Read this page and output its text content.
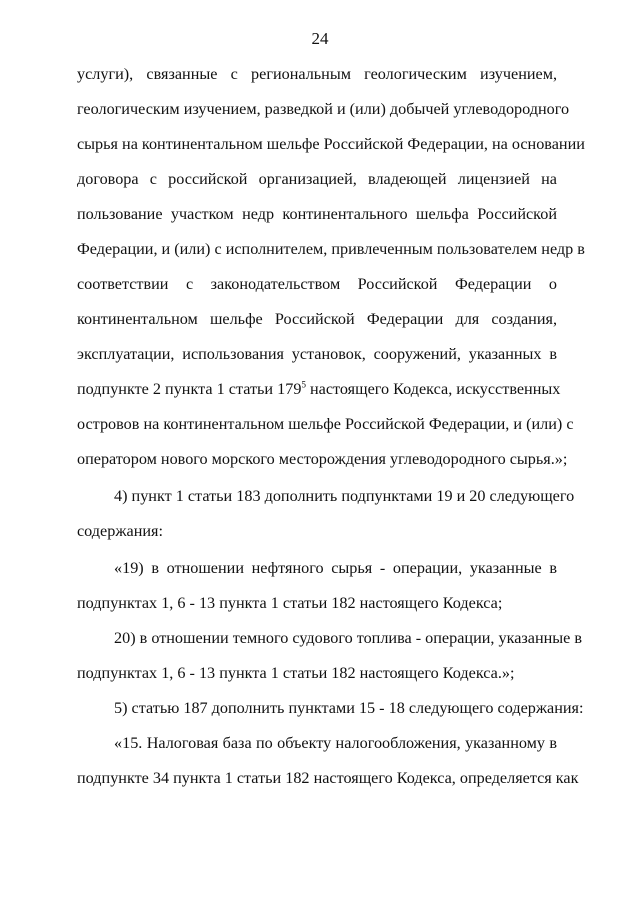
24
услуги), связанные с региональным геологическим изучением,
геологическим изучением, разведкой и (или) добычей углеводородного
сырья на континентальном шельфе Российской Федерации, на основании
договора с российской организацией, владеющей лицензией на
пользование участком недр континентального шельфа Российской
Федерации, и (или) с исполнителем, привлеченным пользователем недр в
соответствии с законодательством Российской Федерации о
континентальном шельфе Российской Федерации для создания,
эксплуатации, использования установок, сооружений, указанных в
подпункте 2 пункта 1 статьи $179^5$ настоящего Кодекса, искусственных
островов на континентальном шельфе Российской Федерации, и (или) с
оператором нового морского месторождения углеводородного сырья.»;
4) пункт 1 статьи 183 дополнить подпунктами 19 и 20 следующего
содержания:
«19) в отношении нефтяного сырья - операции, указанные в
подпунктах 1, 6 - 13 пункта 1 статьи 182 настоящего Кодекса;
20) в отношении темного судового топлива - операции, указанные в
подпунктах 1, 6 - 13 пункта 1 статьи 182 настоящего Кодекса.»;
5) статью 187 дополнить пунктами 15 - 18 следующего содержания:
«15. Налоговая база по объекту налогообложения, указанному в
подпункте 34 пункта 1 статьи 182 настоящего Кодекса, определяется как
